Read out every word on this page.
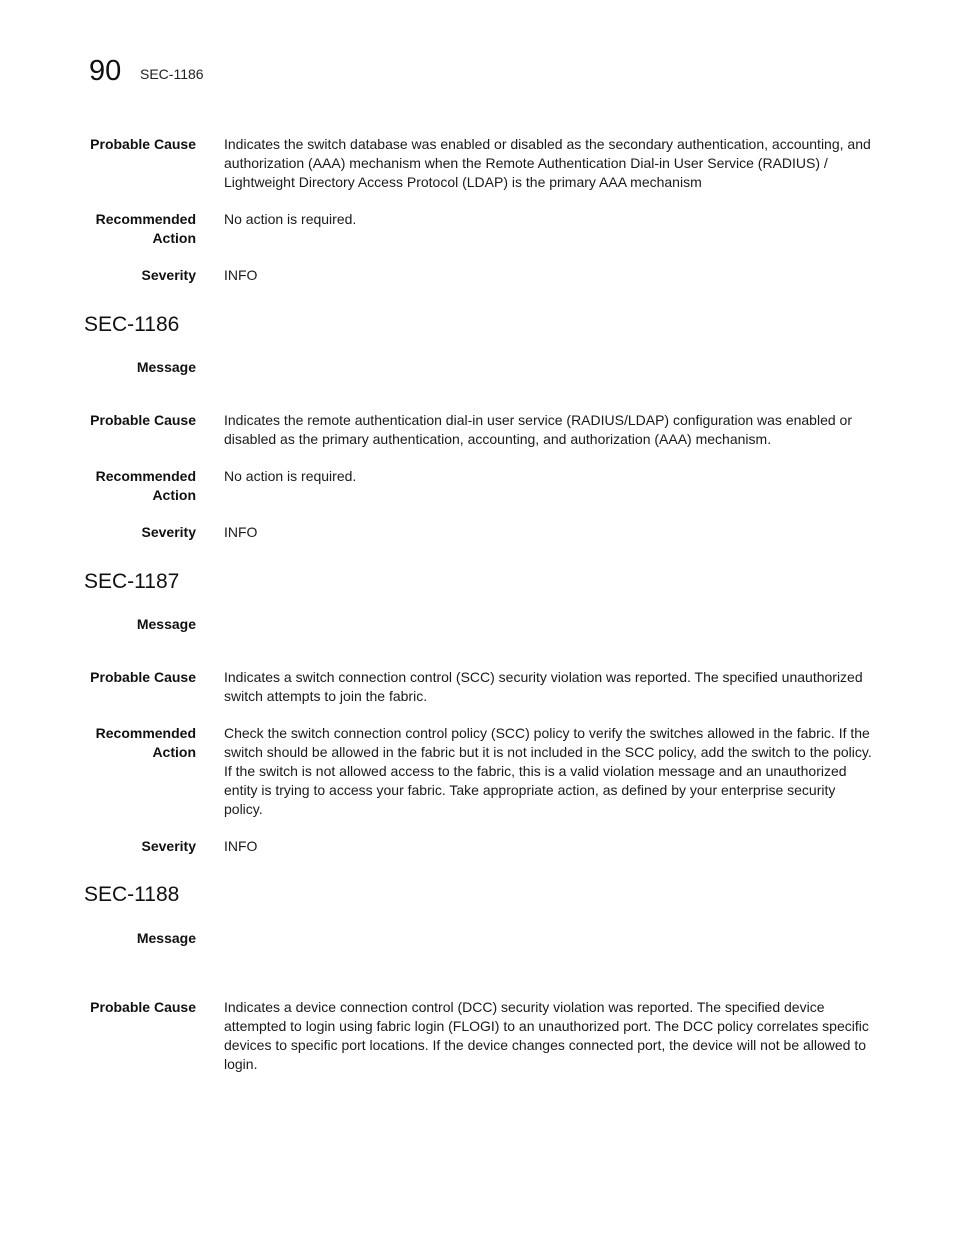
90 SEC-1186
Probable Cause Indicates the switch database was enabled or disabled as the secondary authentication, accounting, and authorization (AAA) mechanism when the Remote Authentication Dial-in User Service (RADIUS) / Lightweight Directory Access Protocol (LDAP) is the primary AAA mechanism
Recommended
Action
No action is required.
Severity INFO
SEC-1186
Message
Probable Cause Indicates the remote authentication dial-in user service (RADIUS/LDAP) configuration was enabled or disabled as the primary authentication, accounting, and authorization (AAA) mechanism.
Recommended
Action
No action is required.
Severity INFO
SEC-1187
Message
Probable Cause Indicates a switch connection control (SCC) security violation was reported. The specified unauthorized switch attempts to join the fabric.
Recommended
Action
Check the switch connection control policy (SCC) policy to verify the switches allowed in the fabric. If the switch should be allowed in the fabric but it is not included in the SCC policy, add the switch to the policy. If the switch is not allowed access to the fabric, this is a valid violation message and an unauthorized entity is trying to access your fabric. Take appropriate action, as defined by your enterprise security policy.
Severity INFO
SEC-1188
Message
Probable Cause Indicates a device connection control (DCC) security violation was reported. The specified device attempted to login using fabric login (FLOGI) to an unauthorized port. The DCC policy correlates specific devices to specific port locations. If the device changes connected port, the device will not be allowed to login.
